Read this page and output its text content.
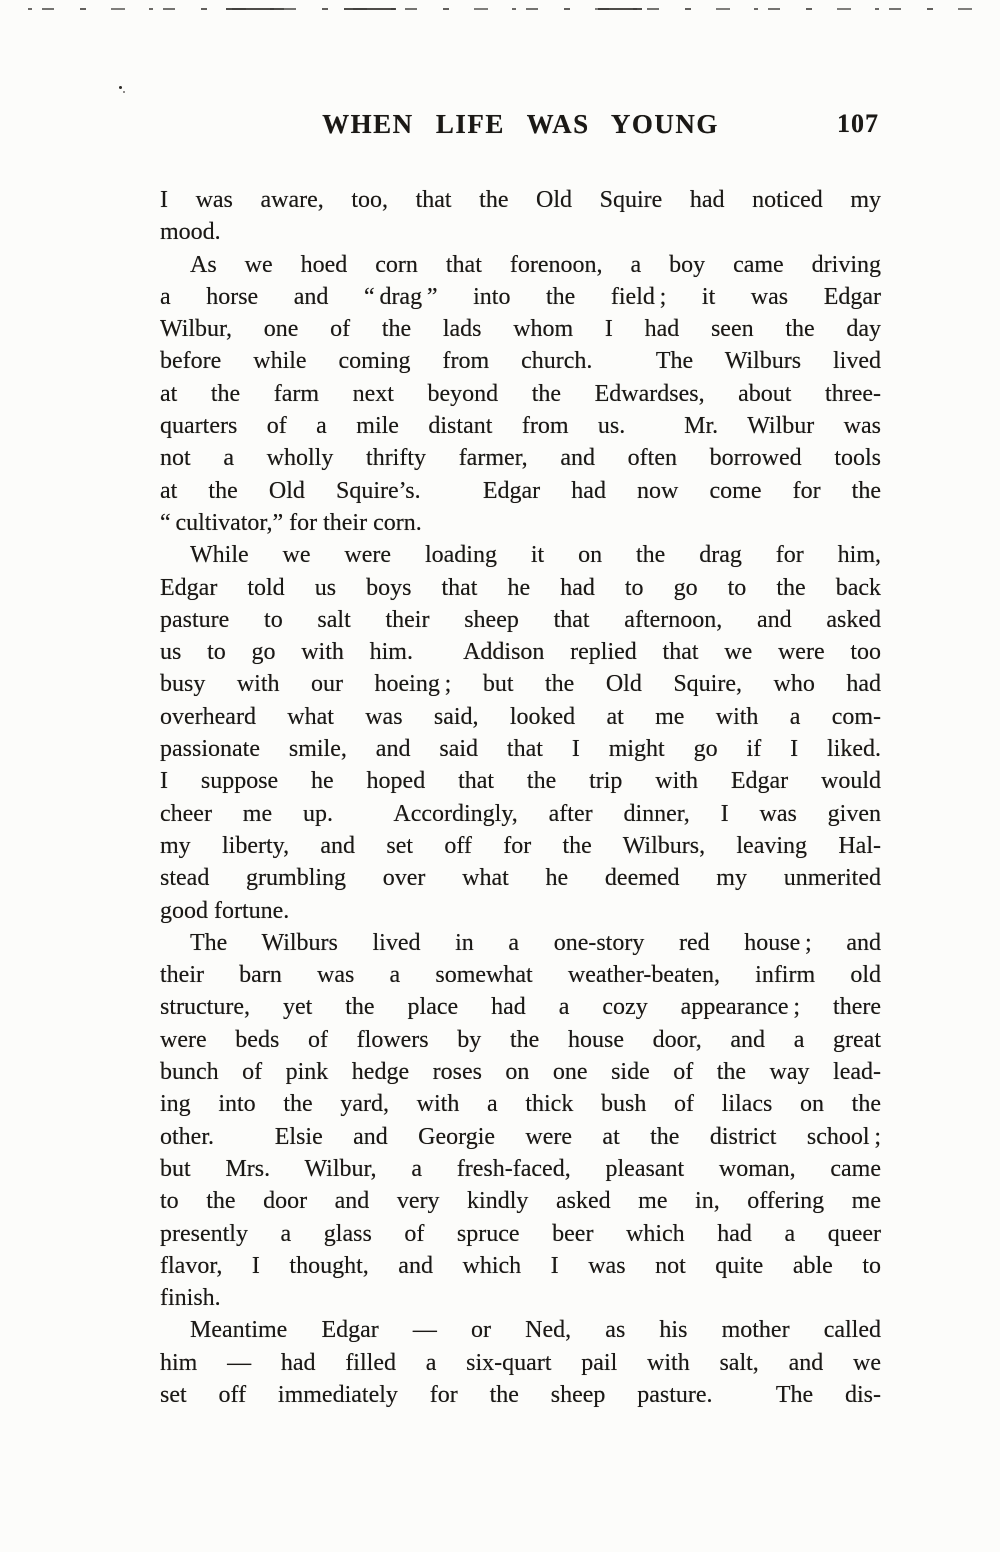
WHEN LIFE WAS YOUNG	107
I was aware, too, that the Old Squire had noticed my
mood.
As we hoed corn that forenoon, a boy came driving
a horse and “ drag ” into the field ; it was Edgar
Wilbur, one of the lads whom I had seen the day
before while coming from church.  The Wilburs lived
at the farm next beyond the Edwardses, about three-
quarters of a mile distant from us.  Mr. Wilbur was
not a wholly thrifty farmer, and often borrowed tools
at the Old Squire’s.  Edgar had now come for the
“ cultivator,” for their corn.
While we were loading it on the drag for him,
Edgar told us boys that he had to go to the back
pasture to salt their sheep that afternoon, and asked
us to go with him.  Addison replied that we were too
busy with our hoeing ; but the Old Squire, who had
overheard what was said, looked at me with a com-
passionate smile, and said that I might go if I liked.
I suppose he hoped that the trip with Edgar would
cheer me up.  Accordingly, after dinner, I was given
my liberty, and set off for the Wilburs, leaving Hal-
stead grumbling over what he deemed my unmerited
good fortune.
The Wilburs lived in a one-story red house ; and
their barn was a somewhat weather-beaten, infirm old
structure, yet the place had a cozy appearance ; there
were beds of flowers by the house door, and a great
bunch of pink hedge roses on one side of the way lead-
ing into the yard, with a thick bush of lilacs on the
other.  Elsie and Georgie were at the district school ;
but Mrs. Wilbur, a fresh-faced, pleasant woman, came
to the door and very kindly asked me in, offering me
presently a glass of spruce beer which had a queer
flavor, I thought, and which I was not quite able to
finish.
Meantime Edgar — or Ned, as his mother called
him — had filled a six-quart pail with salt, and we
set off immediately for the sheep pasture.  The dis-
